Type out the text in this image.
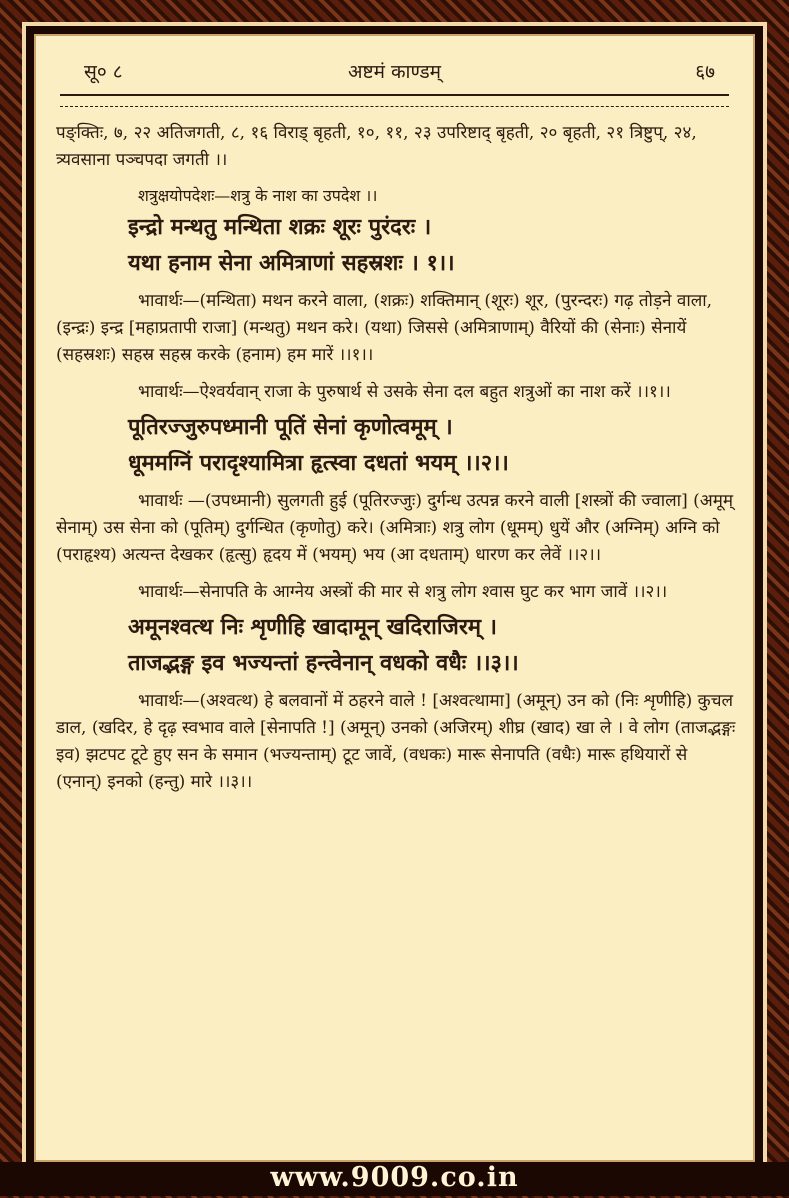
सू० ८	अष्टमं काण्डम्	६७

पङ्क्तिः, ७, २२ अतिजगती, ८, १६ विराड् बृहती, १०, ११, २३ उपरिष्टाद् बृहती, २० बृहती, २१ त्रिष्टुप्, २४, त्र्यवसाना पञ्चपदा जगती ।।

शत्रुक्षयोपदेशः—शत्रु के नाश का उपदेश ।।

इन्द्रो मन्थतु मन्थिता शक्रः शूरः पुरंदरः ।

यथा हनाम सेना अमित्राणां सहस्रशः । १।।

भावार्थः—(मन्थिता) मथन करने वाला, (शक्रः) शक्तिमान् (शूरः) शूर, (पुरन्दरः) गढ़ तोड़ने वाला, (इन्द्रः) इन्द्र [महाप्रतापी राजा] (मन्थतु) मथन करे। (यथा) जिससे (अमित्राणाम्) वैरियों की (सेनाः) सेनायें (सहस्रशः) सहस्र सहस्र करके (हनाम) हम मारें ।।१।।

भावार्थः—ऐश्वर्यवान् राजा के पुरुषार्थ से उसके सेना दल बहुत शत्रुओं का नाश करें ।।१।।

पूतिरज्जुरुपध्मानी पूतिं सेनां कृणोत्वमूम् ।

धूममग्निं परादृश्यामित्रा हृत्स्वा दधतां भयम् ।।२।।

भावार्थः —(उपध्मानी) सुलगती हुई (पूतिरज्जुः) दुर्गन्ध उत्पन्न करने वाली [शस्त्रों की ज्वाला] (अमूम् सेनाम्) उस सेना को (पूतिम्) दुर्गन्धित (कृणोतु) करे। (अमित्राः) शत्रु लोग (धूमम्) धुयें और (अग्निम्) अग्नि को (पराहृश्य) अत्यन्त देखकर (हृत्सु) हृदय में (भयम्) भय (आ दधताम्) धारण कर लेवें ।।२।।

भावार्थः—सेनापति के आग्नेय अस्त्रों की मार से शत्रु लोग श्वास घुट कर भाग जावें ।।२।।

अमूनश्वत्थ निः शृणीहि खादामून् खदिराजिरम् ।

ताजद्भङ्ग इव भज्यन्तां हन्त्वेनान् वधको वधैः ।।३।।

भावार्थः—(अश्वत्थ) हे बलवानों में ठहरने वाले ! [अश्वत्थामा] (अमून्) उन को (निः शृणीहि) कुचल डाल, (खदिर, हे दृढ़ स्वभाव वाले [सेनापति !] (अमून्) उनको (अजिरम्) शीघ्र (खाद) खा ले । वे लोग (ताजद्भङ्गः इव) झटपट टूटे हुए सन के समान (भज्यन्ताम्) टूट जावें, (वधकः) मारू सेनापति (वधैः) मारू हथियारों से (एनान्) इनको (हन्तु) मारे ।।३।।

www.9009.co.in
